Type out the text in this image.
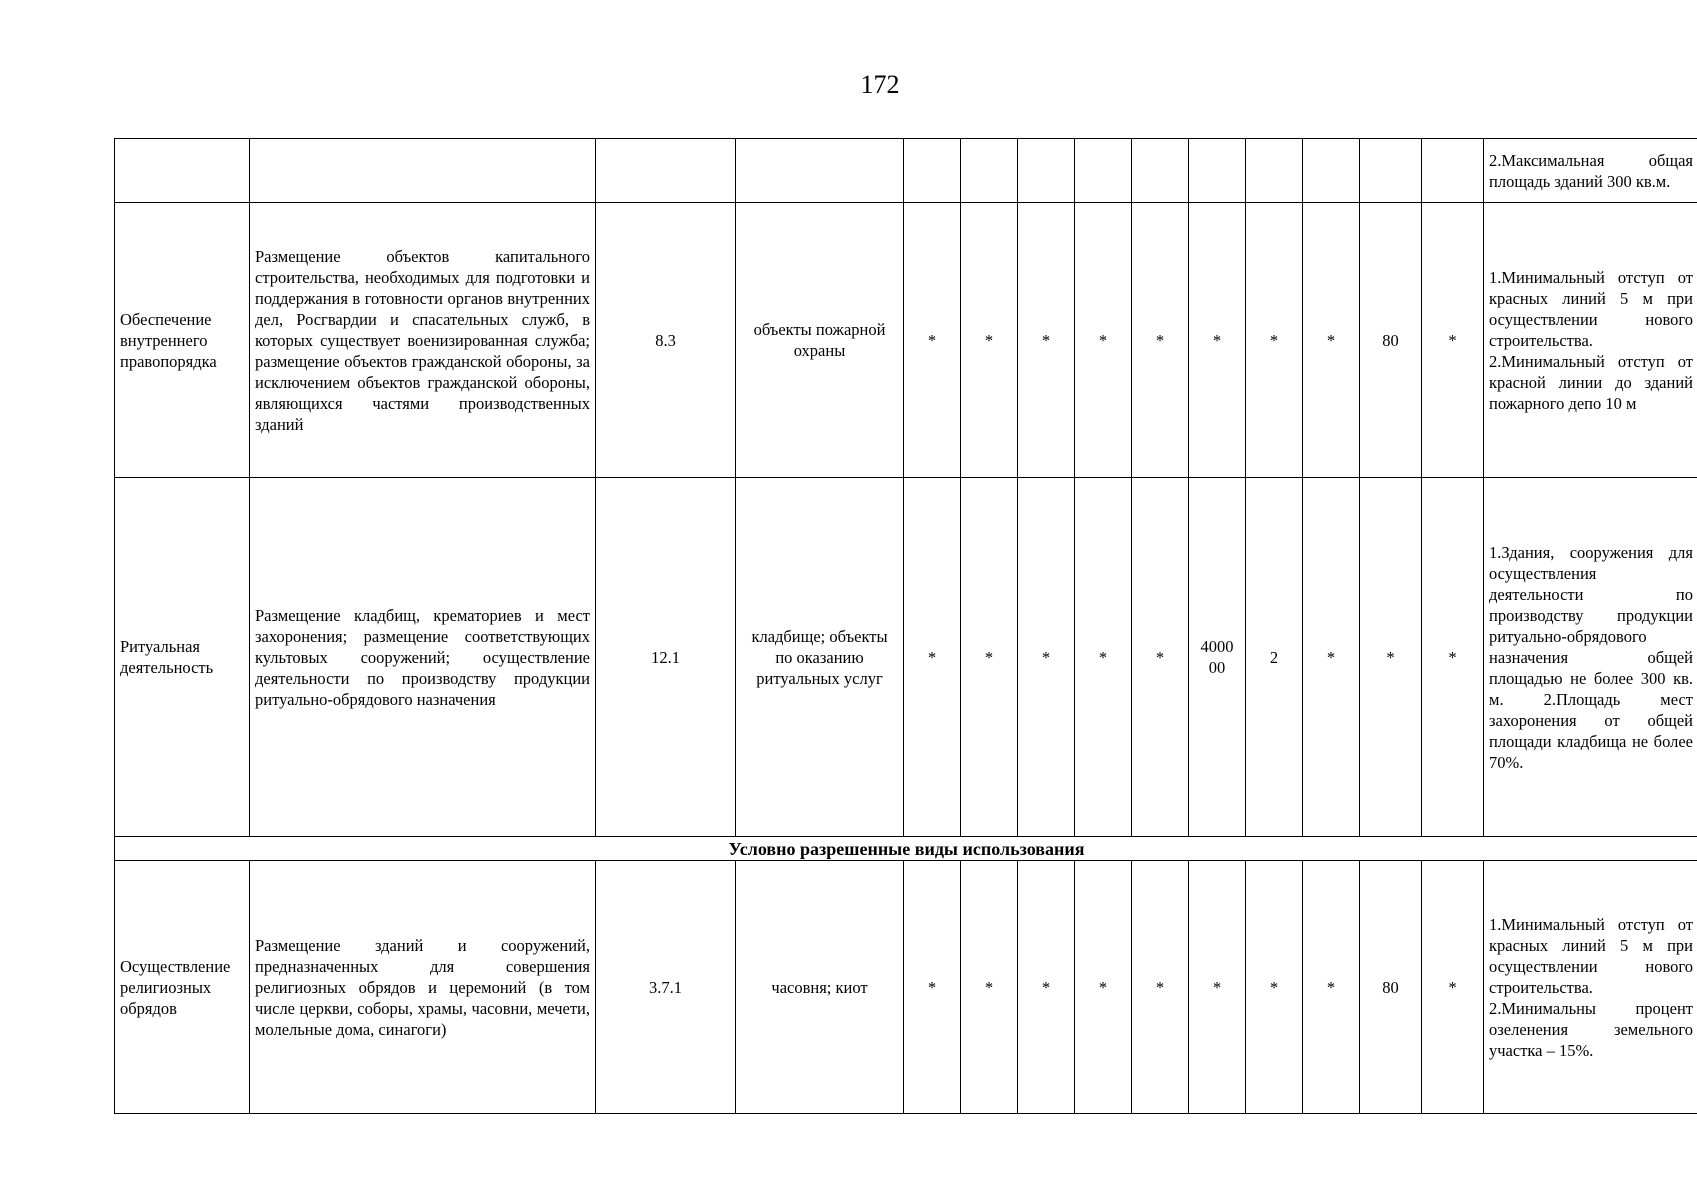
172
														2.Максимальная общая площадь зданий 300 кв.м.
Обеспечение внутреннего правопорядка	Размещение объектов капитального строительства, необходимых для подготовки и поддержания в готовности органов внутренних дел, Росгвардии и спасательных служб, в которых существует военизированная служба; размещение объектов гражданской обороны, за исключением объектов гражданской обороны, являющихся частями производственных зданий	8.3	объекты пожарной охраны	*	*	*	*	*	*	*	*	80	*	1.Минимальный отступ от красных линий 5 м при осуществлении нового строительства. 2.Минимальный отступ от красной линии до зданий пожарного депо 10 м
Ритуальная деятельность	Размещение кладбищ, крематориев и мест захоронения; размещение соответствующих культовых сооружений; осуществление деятельности по производству продукции ритуально-обрядового назначения	12.1	кладбище; объекты по оказанию ритуальных услуг	*	*	*	*	*	4000 00	2	*	*	*	1.Здания, сооружения для осуществления деятельности по производству продукции ритуально-обрядового назначения общей площадью не более 300 кв. м. 2.Площадь мест захоронения от общей площади кладбища не более 70%.
Условно разрешенные виды использования														
Осуществление религиозных обрядов	Размещение зданий и сооружений, предназначенных для совершения религиозных обрядов и церемоний (в том числе церкви, соборы, храмы, часовни, мечети, молельные дома, синагоги)	3.7.1	часовня; киот	*	*	*	*	*	*	*	*	80	*	1.Минимальный отступ от красных линий 5 м при осуществлении нового строительства. 2.Минимальны процент озеленения земельного участка – 15%.
